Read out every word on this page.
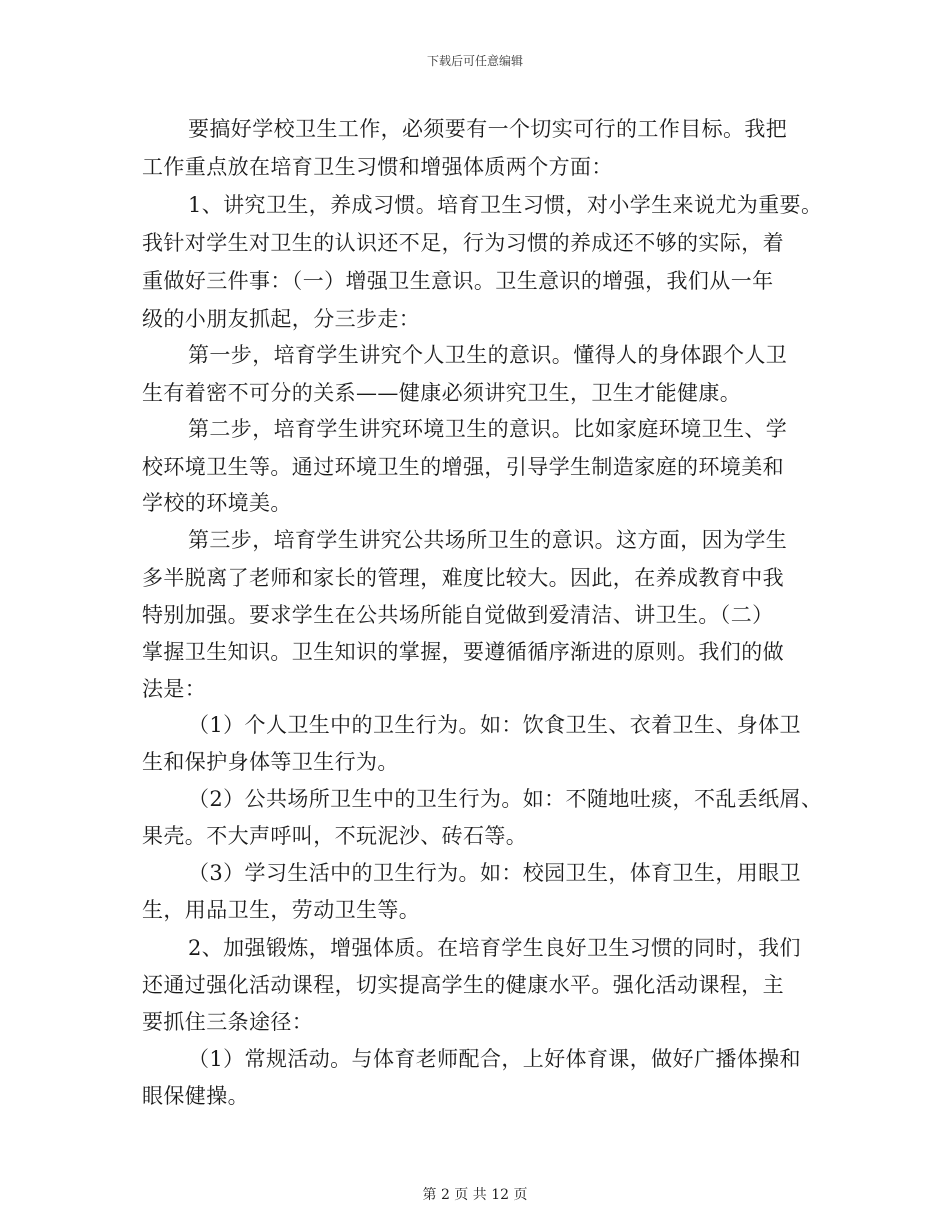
下载后可任意编辑
要搞好学校卫生工作，必须要有一个切实可行的工作目标。我把
工作重点放在培育卫生习惯和增强体质两个方面：
1、讲究卫生，养成习惯。培育卫生习惯，对小学生来说尤为重要。
我针对学生对卫生的认识还不足，行为习惯的养成还不够的实际，着
重做好三件事：（一）增强卫生意识。卫生意识的增强，我们从一年
级的小朋友抓起，分三步走：
第一步，培育学生讲究个人卫生的意识。懂得人的身体跟个人卫
生有着密不可分的关系——健康必须讲究卫生，卫生才能健康。
第二步，培育学生讲究环境卫生的意识。比如家庭环境卫生、学
校环境卫生等。通过环境卫生的增强，引导学生制造家庭的环境美和
学校的环境美。
第三步，培育学生讲究公共场所卫生的意识。这方面，因为学生
多半脱离了老师和家长的管理，难度比较大。因此，在养成教育中我
特别加强。要求学生在公共场所能自觉做到爱清洁、讲卫生。（二）
掌握卫生知识。卫生知识的掌握，要遵循循序渐进的原则。我们的做
法是：
（1）个人卫生中的卫生行为。如：饮食卫生、衣着卫生、身体卫
生和保护身体等卫生行为。
（2）公共场所卫生中的卫生行为。如：不随地吐痰，不乱丢纸屑、
果壳。不大声呼叫，不玩泥沙、砖石等。
（3）学习生活中的卫生行为。如：校园卫生，体育卫生，用眼卫
生，用品卫生，劳动卫生等。
2、加强锻炼，增强体质。在培育学生良好卫生习惯的同时，我们
还通过强化活动课程，切实提高学生的健康水平。强化活动课程，主
要抓住三条途径：
（1）常规活动。与体育老师配合，上好体育课，做好广播体操和
眼保健操。
第 2 页 共 12 页
